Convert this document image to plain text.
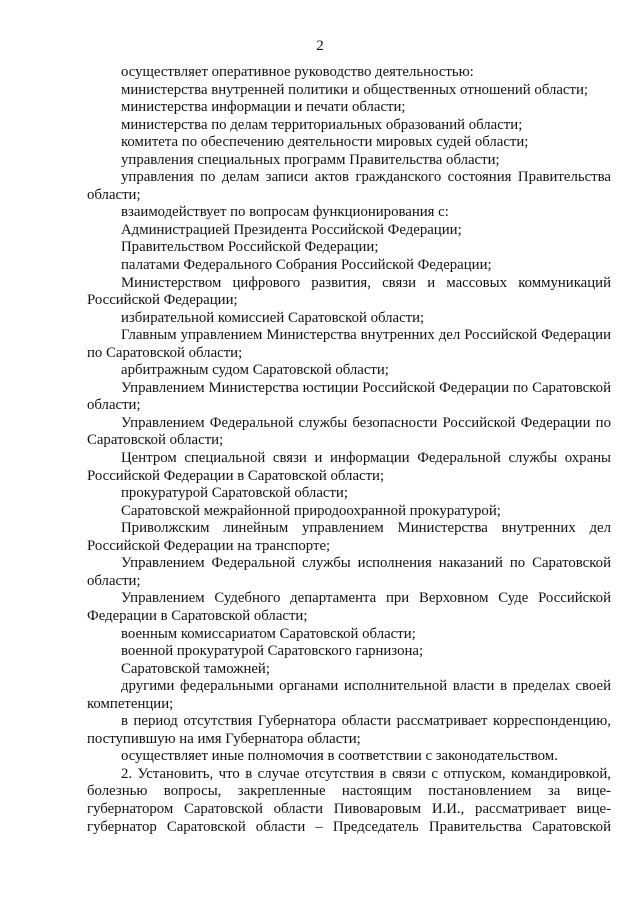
2

осуществляет оперативное руководство деятельностью:

министерства внутренней политики и общественных отношений области;

министерства информации и печати области;

министерства по делам территориальных образований области;

комитета по обеспечению деятельности мировых судей области;

управления специальных программ Правительства области;

управления по делам записи актов гражданского состояния Правительства области;

взаимодействует по вопросам функционирования с:

Администрацией Президента Российской Федерации;

Правительством Российской Федерации;

палатами Федерального Собрания Российской Федерации;

Министерством цифрового развития, связи и массовых коммуникаций Российской Федерации;

избирательной комиссией Саратовской области;

Главным управлением Министерства внутренних дел Российской Федерации по Саратовской области;

арбитражным судом Саратовской области;

Управлением Министерства юстиции Российской Федерации по Саратовской области;

Управлением Федеральной службы безопасности Российской Федерации по Саратовской области;

Центром специальной связи и информации Федеральной службы охраны Российской Федерации в Саратовской области;

прокуратурой Саратовской области;

Саратовской межрайонной природоохранной прокуратурой;

Приволжским линейным управлением Министерства внутренних дел Российской Федерации на транспорте;

Управлением Федеральной службы исполнения наказаний по Саратовской области;

Управлением Судебного департамента при Верховном Суде Российской Федерации в Саратовской области;

военным комиссариатом Саратовской области;

военной прокуратурой Саратовского гарнизона;

Саратовской таможней;

другими федеральными органами исполнительной власти в пределах своей компетенции;

в период отсутствия Губернатора области рассматривает корреспонденцию, поступившую на имя Губернатора области;

осуществляет иные полномочия в соответствии с законодательством.

2. Установить, что в случае отсутствия в связи с отпуском, командировкой, болезнью вопросы, закрепленные настоящим постановлением за вице-губернатором Саратовской области Пивоваровым И.И., рассматривает вице-губернатор Саратовской области – Председатель Правительства Саратовской
